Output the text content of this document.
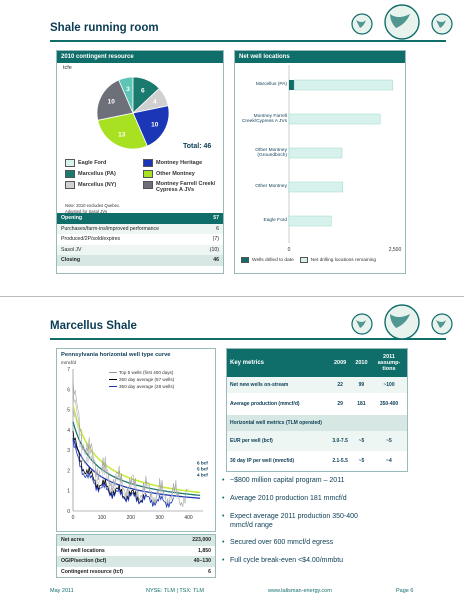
Shale running room
2010 contingent resource
tcfe
3 6
4
10
13
10
Total: 46
Eagle Ford	Montney Heritage
Marcellus (PA)	Other Montney
Marcellus (NY)	Montney Farrell Creek/ Cypress A JVs
Note: 2010 excludes Quebec. Adjusted for Sasol JVs
Opening	57
Purchases/farm-ins/improved performance	6
Produced/2P/sold/expires	(7)
Sasol JV	(10)
Closing	46
Net well locations
Marcellus (PA)
Montney Farrell Creek/Cypress A JVs
Other Montney (Groundbirch)
Other Montney
Eagle Ford
0	2,500
Wells drilled to date	Net drilling locations remaining
Marcellus Shale
Pennsylvania horizontal well type curve
mmcf/d
0
1
2
3
4
5
6
7
0	100	200	300	400
6 bcf
5 bcf
4 bcf
Top 5 wells (first 400 days)
250 day average (57 wells)
350 day average (28 wells)
Net acres	223,000
Net well locations	1,850
OGIP/section (bcf)	40–130
Contingent resource (tcf)	6
Key metrics	2009	2010	2011 assump-tions
Net new wells on-stream	22	99	~100
Average production (mmcf/d)	29	181	350-400
Horizontal well metrics (TLM operated)			
EUR per well (bcf)	3.0-7.5	~5	~5
30 day IP per well (mmcf/d)	2.1-5.5	~5	~4
• ~$800 million capital program – 2011
• Average 2010 production 181 mmcf/d
• Expect average 2011 production 350-400 mmcf/d range
• Secured over 600 mmcf/d egress
• Full cycle break-even <$4.00/mmbtu
May 2011	NYSE: TLM | TSX: TLM	www.talisman-energy.com	Page 6
